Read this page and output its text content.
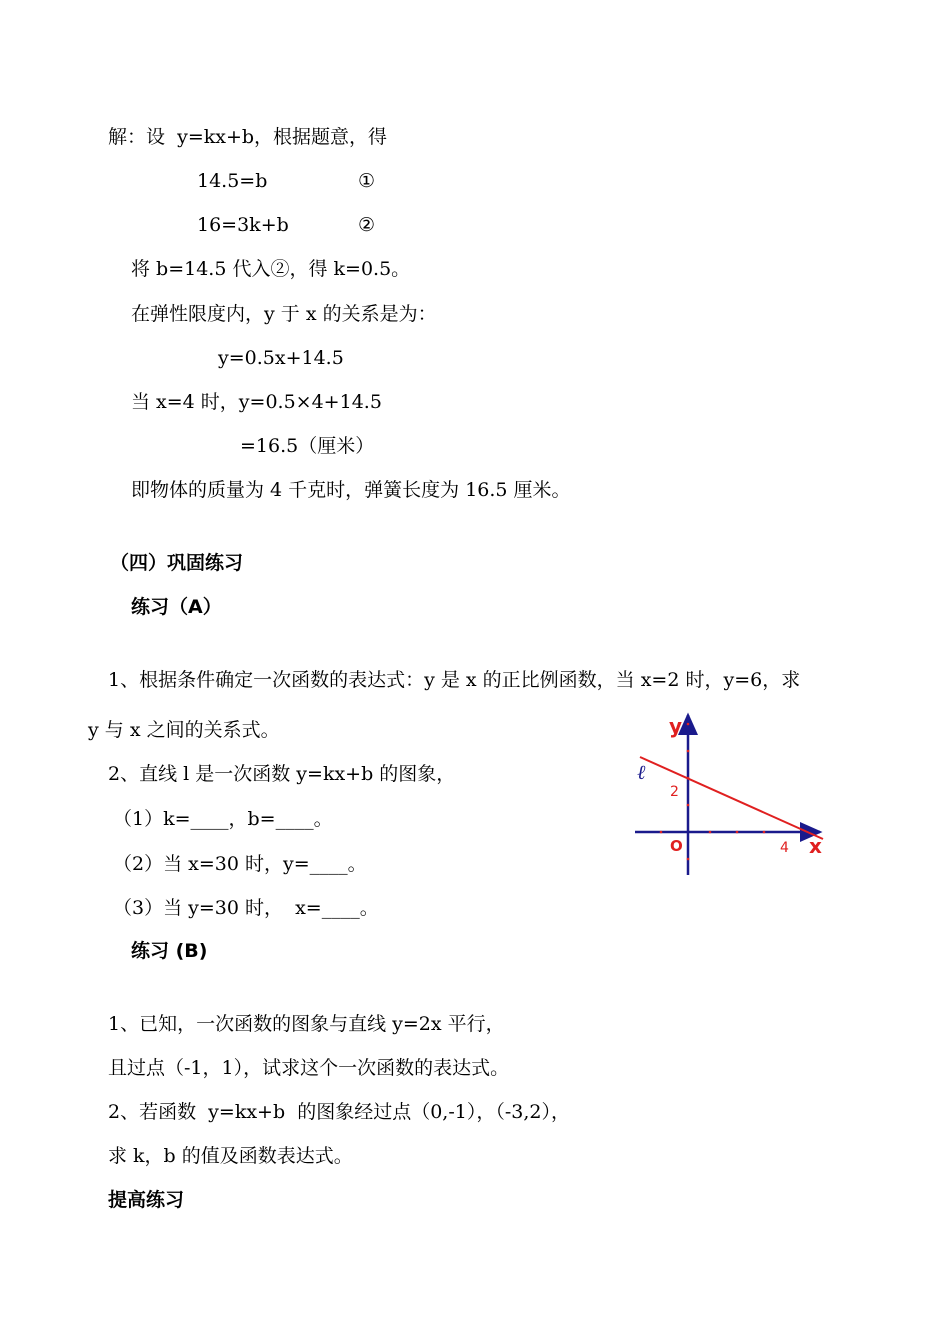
解：设  y=kx+b，根据题意，得
14.5=b	①
16=3k+b	②
将 b=14.5 代入②，得 k=0.5。
在弹性限度内，y 于 x 的关系是为：
y=0.5x+14.5
当 x=4 时，y=0.5×4+14.5
=16.5（厘米）
即物体的质量为 4 千克时，弹簧长度为 16.5 厘米。
（四）巩固练习
练习（A）
1、根据条件确定一次函数的表达式：y 是 x 的正比例函数，当 x=2 时，y=6，求
y 与 x 之间的关系式。
2、直线 l 是一次函数 y=kx+b 的图象，
（1）k=____，b=____。
（2）当 x=30 时，y=____。
（3）当 y=30 时，  x=____。
练习 (B)
1、已知，一次函数的图象与直线 y=2x 平行，
且过点（-1，1），试求这个一次函数的表达式。
2、若函数  y=kx+b  的图象经过点（0,-1），（-3,2），
求 k，b 的值及函数表达式。
提高练习
y
x
O
ℓ
2
4
